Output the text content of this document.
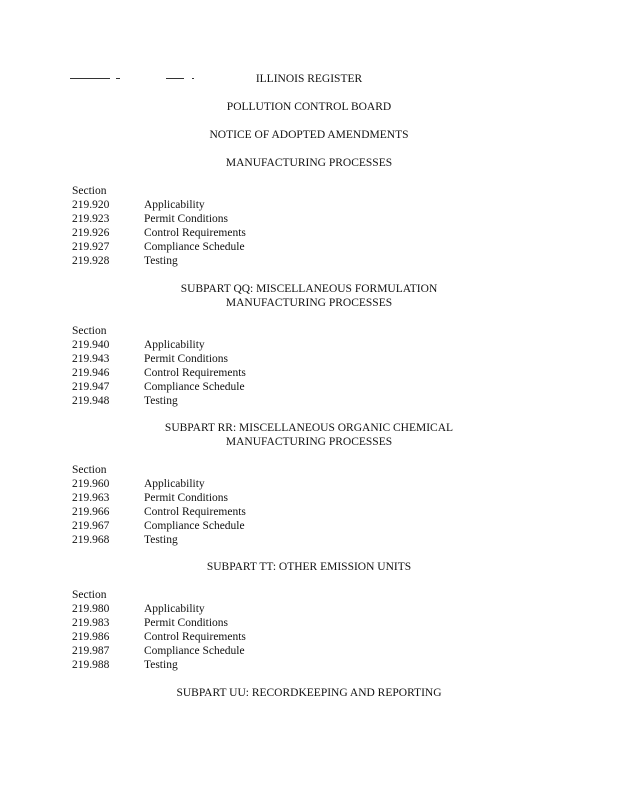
ILLINOIS REGISTER
POLLUTION CONTROL BOARD
NOTICE OF ADOPTED AMENDMENTS
MANUFACTURING PROCESSES
Section
219.920	Applicability
219.923	Permit Conditions
219.926	Control Requirements
219.927	Compliance Schedule
219.928	Testing
SUBPART QQ: MISCELLANEOUS FORMULATION
MANUFACTURING PROCESSES
Section
219.940	Applicability
219.943	Permit Conditions
219.946	Control Requirements
219.947	Compliance Schedule
219.948	Testing
SUBPART RR: MISCELLANEOUS ORGANIC CHEMICAL
MANUFACTURING PROCESSES
Section
219.960	Applicability
219.963	Permit Conditions
219.966	Control Requirements
219.967	Compliance Schedule
219.968	Testing
SUBPART TT: OTHER EMISSION UNITS
Section
219.980	Applicability
219.983	Permit Conditions
219.986	Control Requirements
219.987	Compliance Schedule
219.988	Testing
SUBPART UU: RECORDKEEPING AND REPORTING
